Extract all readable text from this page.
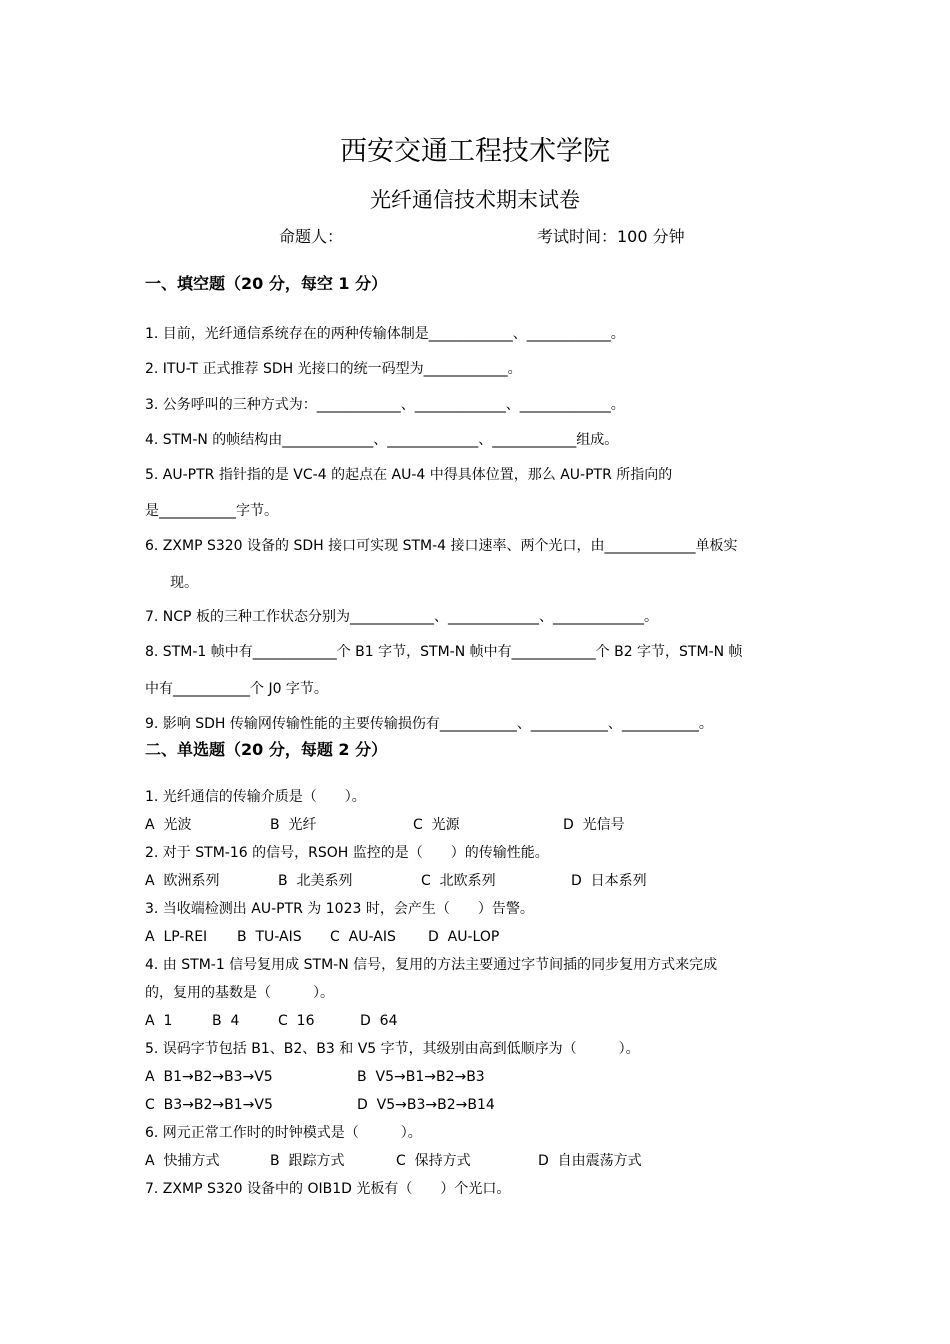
西安交通工程技术学院
光纤通信技术期末试卷
命题人：	考试时间：100 分钟
一、填空题（20 分，每空 1 分）
1. 目前，光纤通信系统存在的两种传输体制是____________、____________。
2. ITU-T 正式推荐 SDH 光接口的统一码型为____________。
3. 公务呼叫的三种方式为：____________、_____________、_____________。
4. STM-N 的帧结构由_____________、_____________、____________组成。
5. AU-PTR 指针指的是 VC-4 的起点在 AU-4 中得具体位置，那么 AU-PTR 所指向的
是___________字节。
6. ZXMP S320 设备的 SDH 接口可实现 STM-4 接口速率、两个光口，由_____________单板实
现。
7. NCP 板的三种工作状态分别为____________、_____________、_____________。
8. STM-1 帧中有____________个 B1 字节，STM-N 帧中有____________个 B2 字节，STM-N 帧
中有___________个 J0 字节。
9. 影响 SDH 传输网传输性能的主要传输损伤有___________、___________、___________。
二、单选题（20 分，每题 2 分）
1. 光纤通信的传输介质是（　　）。
A  光波	B  光纤	C  光源	D  光信号
2. 对于 STM-16 的信号，RSOH 监控的是（　　）的传输性能。
A  欧洲系列	B  北美系列	C  北欧系列	D  日本系列
3. 当收端检测出 AU-PTR 为 1023 时，会产生（　　）告警。
A  LP-REI B  TU-AIS C  AU-AIS D  AU-LOP
4. 由 STM-1 信号复用成 STM-N 信号，复用的方法主要通过字节间插的同步复用方式来完成
的，复用的基数是（　　　）。
A  1	B  4	C  16	D  64
5. 误码字节包括 B1、B2、B3 和 V5 字节，其级别由高到低顺序为（　　　）。
A  B1→B2→B3→V5	B  V5→B1→B2→B3
C  B3→B2→B1→V5	D  V5→B3→B2→B14
6. 网元正常工作时的时钟模式是（　　　）。
A  快捕方式	B  跟踪方式	C  保持方式	D  自由震荡方式
7. ZXMP S320 设备中的 OIB1D 光板有（　　）个光口。
